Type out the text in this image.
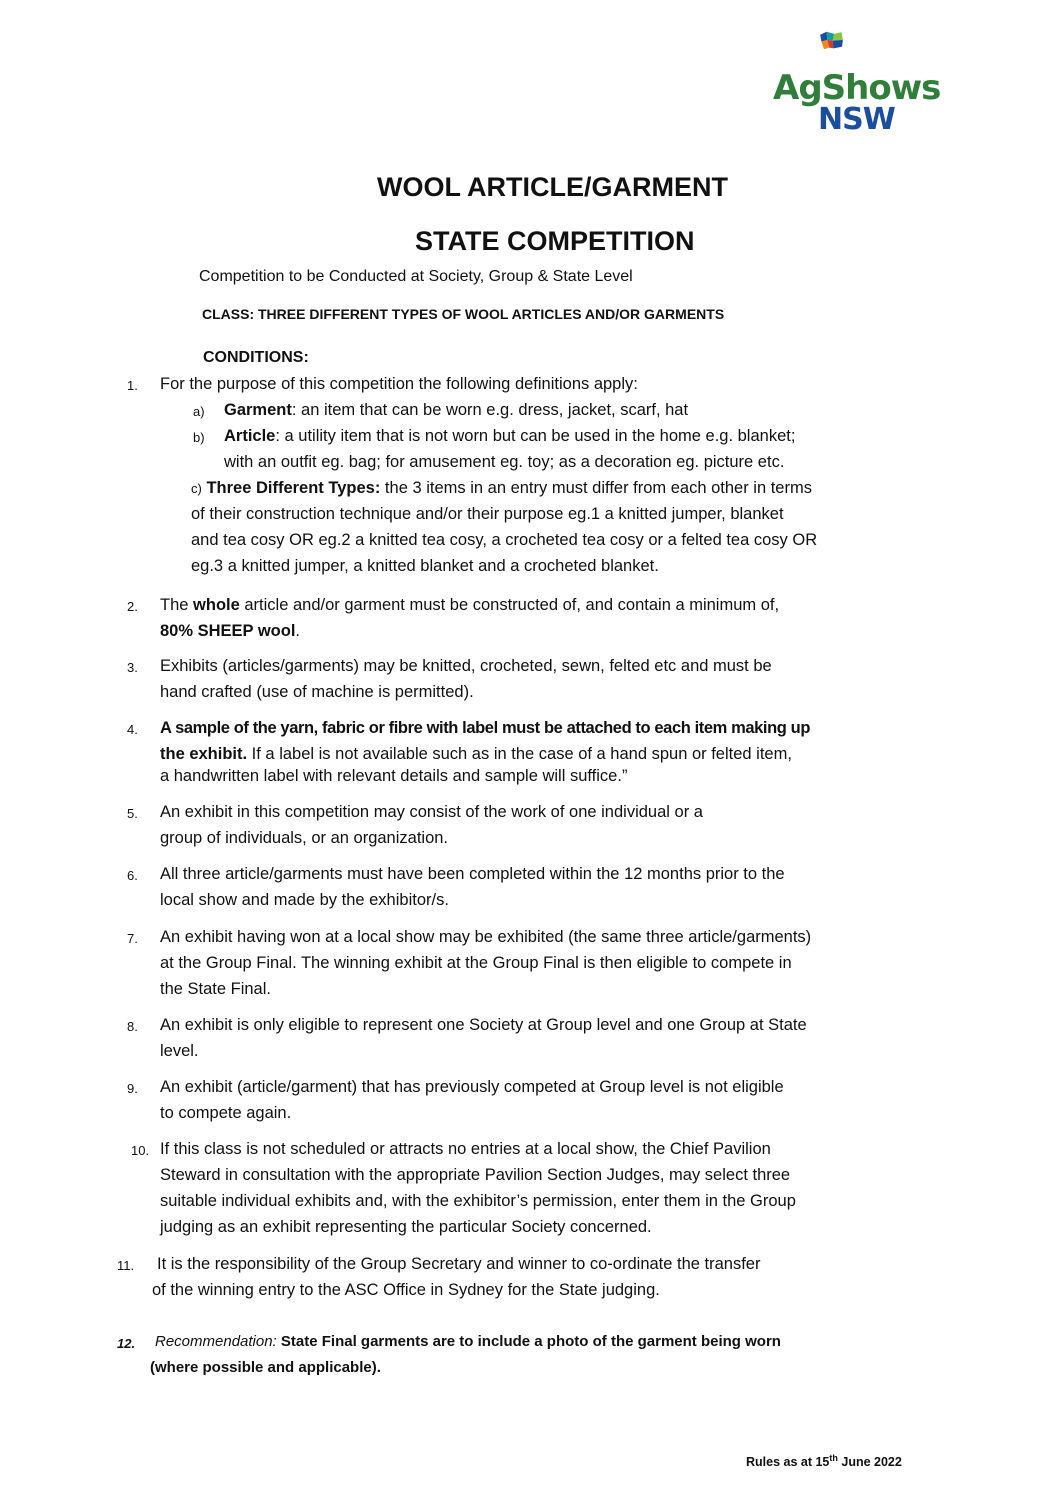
AgShows
NSW
WOOL ARTICLE/GARMENT
STATE COMPETITION
Competition to be Conducted at Society, Group & State Level
CLASS: THREE DIFFERENT TYPES OF WOOL ARTICLES AND/OR GARMENTS
CONDITIONS:
1. For the purpose of this competition the following definitions apply:
a) Garment: an item that can be worn e.g. dress, jacket, scarf, hat
b) Article: a utility item that is not worn but can be used in the home e.g. blanket;
with an outfit eg. bag; for amusement eg. toy; as a decoration eg. picture etc.
c) Three Different Types: the 3 items in an entry must differ from each other in terms
of their construction technique and/or their purpose eg.1 a knitted jumper, blanket
and tea cosy OR eg.2 a knitted tea cosy, a crocheted tea cosy or a felted tea cosy OR
eg.3 a knitted jumper, a knitted blanket and a crocheted blanket.
2. The whole article and/or garment must be constructed of, and contain a minimum of,
80% SHEEP wool.
3. Exhibits (articles/garments) may be knitted, crocheted, sewn, felted etc and must be
hand crafted (use of machine is permitted).
4. A sample of the yarn, fabric or fibre with label must be attached to each item making up
the exhibit. If a label is not available such as in the case of a hand spun or felted item,
a handwritten label with relevant details and sample will suffice.”
5. An exhibit in this competition may consist of the work of one individual or a
group of individuals, or an organization.
6. All three article/garments must have been completed within the 12 months prior to the
local show and made by the exhibitor/s.
7. An exhibit having won at a local show may be exhibited (the same three article/garments)
at the Group Final. The winning exhibit at the Group Final is then eligible to compete in
the State Final.
8. An exhibit is only eligible to represent one Society at Group level and one Group at State
level.
9. An exhibit (article/garment) that has previously competed at Group level is not eligible
to compete again.
10. If this class is not scheduled or attracts no entries at a local show, the Chief Pavilion
Steward in consultation with the appropriate Pavilion Section Judges, may select three
suitable individual exhibits and, with the exhibitor’s permission, enter them in the Group
judging as an exhibit representing the particular Society concerned.
11. It is the responsibility of the Group Secretary and winner to co-ordinate the transfer
of the winning entry to the ASC Office in Sydney for the State judging.
12. Recommendation: State Final garments are to include a photo of the garment being worn
(where possible and applicable).
Rules as at 15th June 2022
